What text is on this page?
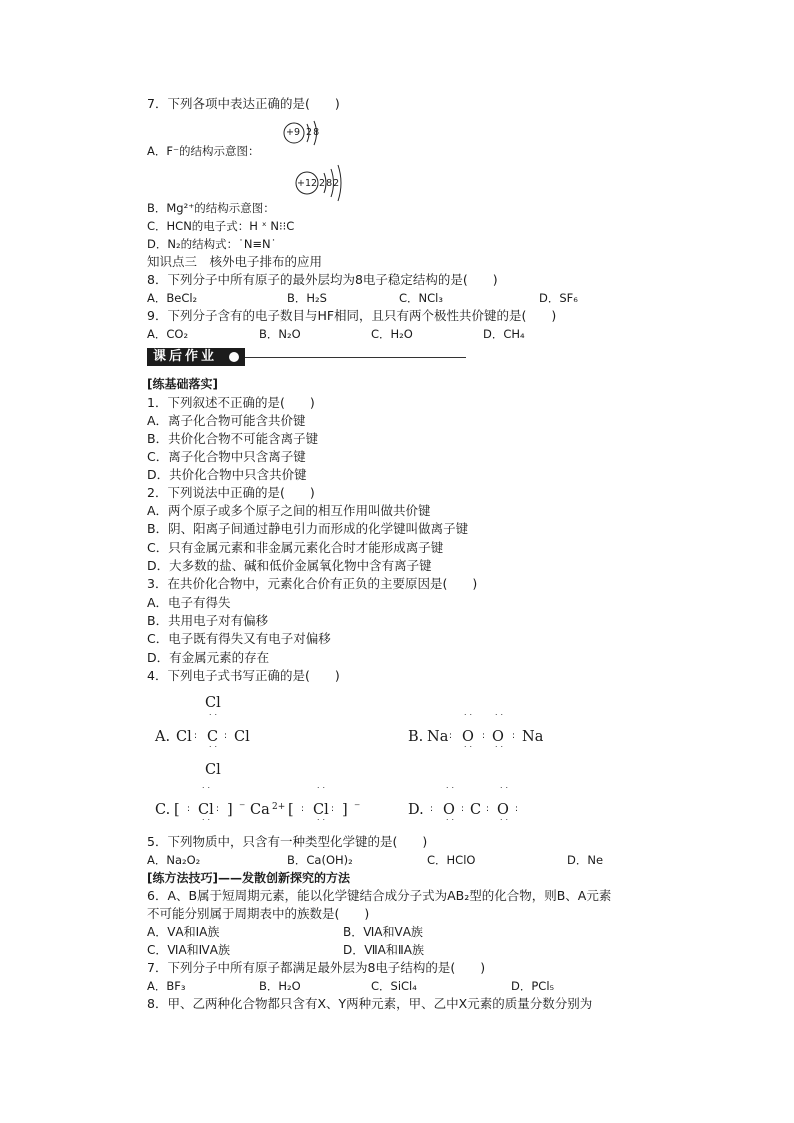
7．下列各项中表达正确的是(　　)
+9 2 8
A．F⁻的结构示意图：
+12 2 8 2
B．Mg²⁺的结构示意图：
C．HCN的电子式：H ˣ N⁝⁝C
D．N₂的结构式：˙N≡N˙
知识点三　核外电子排布的应用
8．下列分子中所有原子的最外层均为8电子稳定结构的是(　　)
A．BeCl₂	B．H₂S	C．NCl₃	D．SF₆
9．下列分子含有的电子数目与HF相同，且只有两个极性共价键的是(　　)
A．CO₂	B．N₂O	C．H₂O	D．CH₄
课后作业
[练基础落实]
1．下列叙述不正确的是(　　)
A．离子化合物可能含共价键
B．共价化合物不可能含离子键
C．离子化合物中只含离子键
D．共价化合物中只含共价键
2．下列说法中正确的是(　　)
A．两个原子或多个原子之间的相互作用叫做共价键
B．阴、阳离子间通过静电引力而形成的化学键叫做离子键
C．只有金属元素和非金属元素化合时才能形成离子键
D．大多数的盐、碱和低价金属氧化物中含有离子键
3．在共价化合物中，元素化合价有正负的主要原因是(　　)
A．电子有得失
B．共用电子对有偏移
C．电子既有得失又有电子对偏移
D．有金属元素的存在
4．下列电子式书写正确的是(　　)
A.
Cl
˙˙
Cl : C : Cl
˙˙
Cl
B. Na :
˙˙
O
˙˙
:
˙˙
O
˙˙
: Na
C. [ :
˙˙
Cl
˙˙
: ] ⁻ Ca 2+ [ :
˙˙
Cl
˙˙
: ] ⁻	D. :
˙˙
O
˙˙
: C :
˙˙
O
˙˙
:
5．下列物质中，只含有一种类型化学键的是(　　)
A．Na₂O₂	B．Ca(OH)₂	C．HClO	D．Ne
[练方法技巧]——发散创新探究的方法
6．A、B属于短周期元素，能以化学键结合成分子式为AB₂型的化合物，则B、A元素
不可能分别属于周期表中的族数是(　　)
A．ⅤA和ⅠA族	B．ⅥA和ⅤA族
C．ⅥA和ⅣA族	D．ⅦA和ⅡA族
7．下列分子中所有原子都满足最外层为8电子结构的是(　　)
A．BF₃	B．H₂O	C．SiCl₄	D．PCl₅
8．甲、乙两种化合物都只含有X、Y两种元素，甲、乙中X元素的质量分数分别为
